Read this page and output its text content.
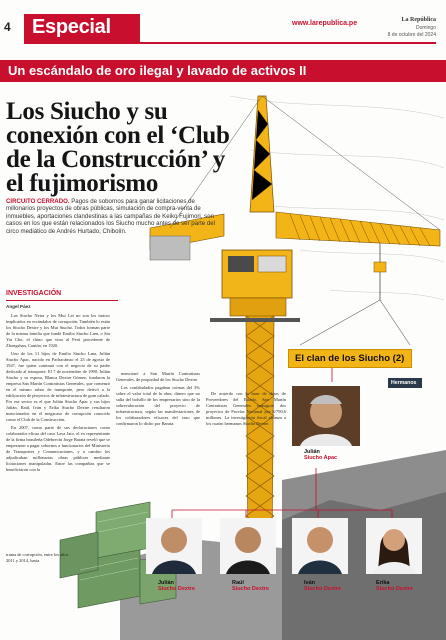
4 Especial	www.larepublica.pe	La República
Domingo
8 de octubre del 2024
Un escándalo de oro ilegal y lavado de activos II
Los Siucho y su conexión con el ‘Club de la Construcción’ y el fujimorismo

CIRCUITO CERRADO. Pagos de sobornos para ganar licitaciones de millonarios proyectos de obras públicas, simulación de compra-venta de inmuebles, aportaciones clandestinas a las campañas de Keiko Fujimori, son casos en los que están relacionados los Siucho mucho antes de ser parte del circo mediático de Andrés Hurtado, Chibolín.

INVESTIGACIÓN
Angel Páez

Los Siucho Neira y los Mui Lei no son los únicos implicados en escándalos de corrupción. También lo están los Siucho Dextre y los Mui Siucho. Todos forman parte de la misma familia que fundó Emilio Siucho Lam, o Siu Yat Cho, el chino que vino al Perú procedente de Zhongshan, Cantón, en 1920.

Uno de los 11 hijos de Emilio Siucho Lam, Julián Siucho Apac, nacido en Pachacámac el 25 de agosto de 1947, fue quien continuó con el negocio de su padre dedicado al transporte. El 7 de noviembre de 1990, Julián Siucho y su esposa, Blanca Dextre Gómez, fundaron la empresa San Martín Contratistas Generales, que comenzó en el mismo rubro de transporte, pero derivó a la edificación de proyectos de infraestructura de gran calado. Por ese sector es el que Julián Siucho Apac y sus hijos Julián, Raúl, Iván y Erika Siucho Dextre resultaron mencionados en el megacaso de corrupción conocido como el Club de la Construcción.

En 2007, como parte de sus declaraciones como colaborador eficaz del caso Lava Jato, el ex representante de la firma brasileña Odebrecht Jorge Barata reveló que se empezaron a pagar sobornos a funcionarios del Ministerio de Transportes y Comunicaciones, y a cambio los adjudicaban millonarias obras públicas mediante licitaciones manipuladas. Entre las compañías que se beneficiaron con la

trama de corrupción, entre los años 2011 y 2014, hasta

mencionó a San Martín Contratistas Generales, de propiedad de los Siucho Dextre.

Los confabulados pagaban coimas del 3% sobre el valor total de la obra, dinero que no salía del bolsillo de los empresarios sino de la sobrevaloración del proyecto de infraestructura, según las manifestaciones de los colaboradores eficaces del caso que confirmaron lo dicho por Barata.

De acuerdo con la base de datos de Proveedores del Estado, San Martín Contratistas Generales consiguió dos proyectos de Provías Nacional por S/790,6 millones. La investigación fiscal alcanza a los cuatro hermanos Siucho Dextre.

El clan de los Siucho (2)
Hermanos
Julián
Siucho Apac
Julián
Siucho Dextre
Raúl
Siucho Dextre
Iván
Siucho Dextre
Erika
Siucho Dextre
